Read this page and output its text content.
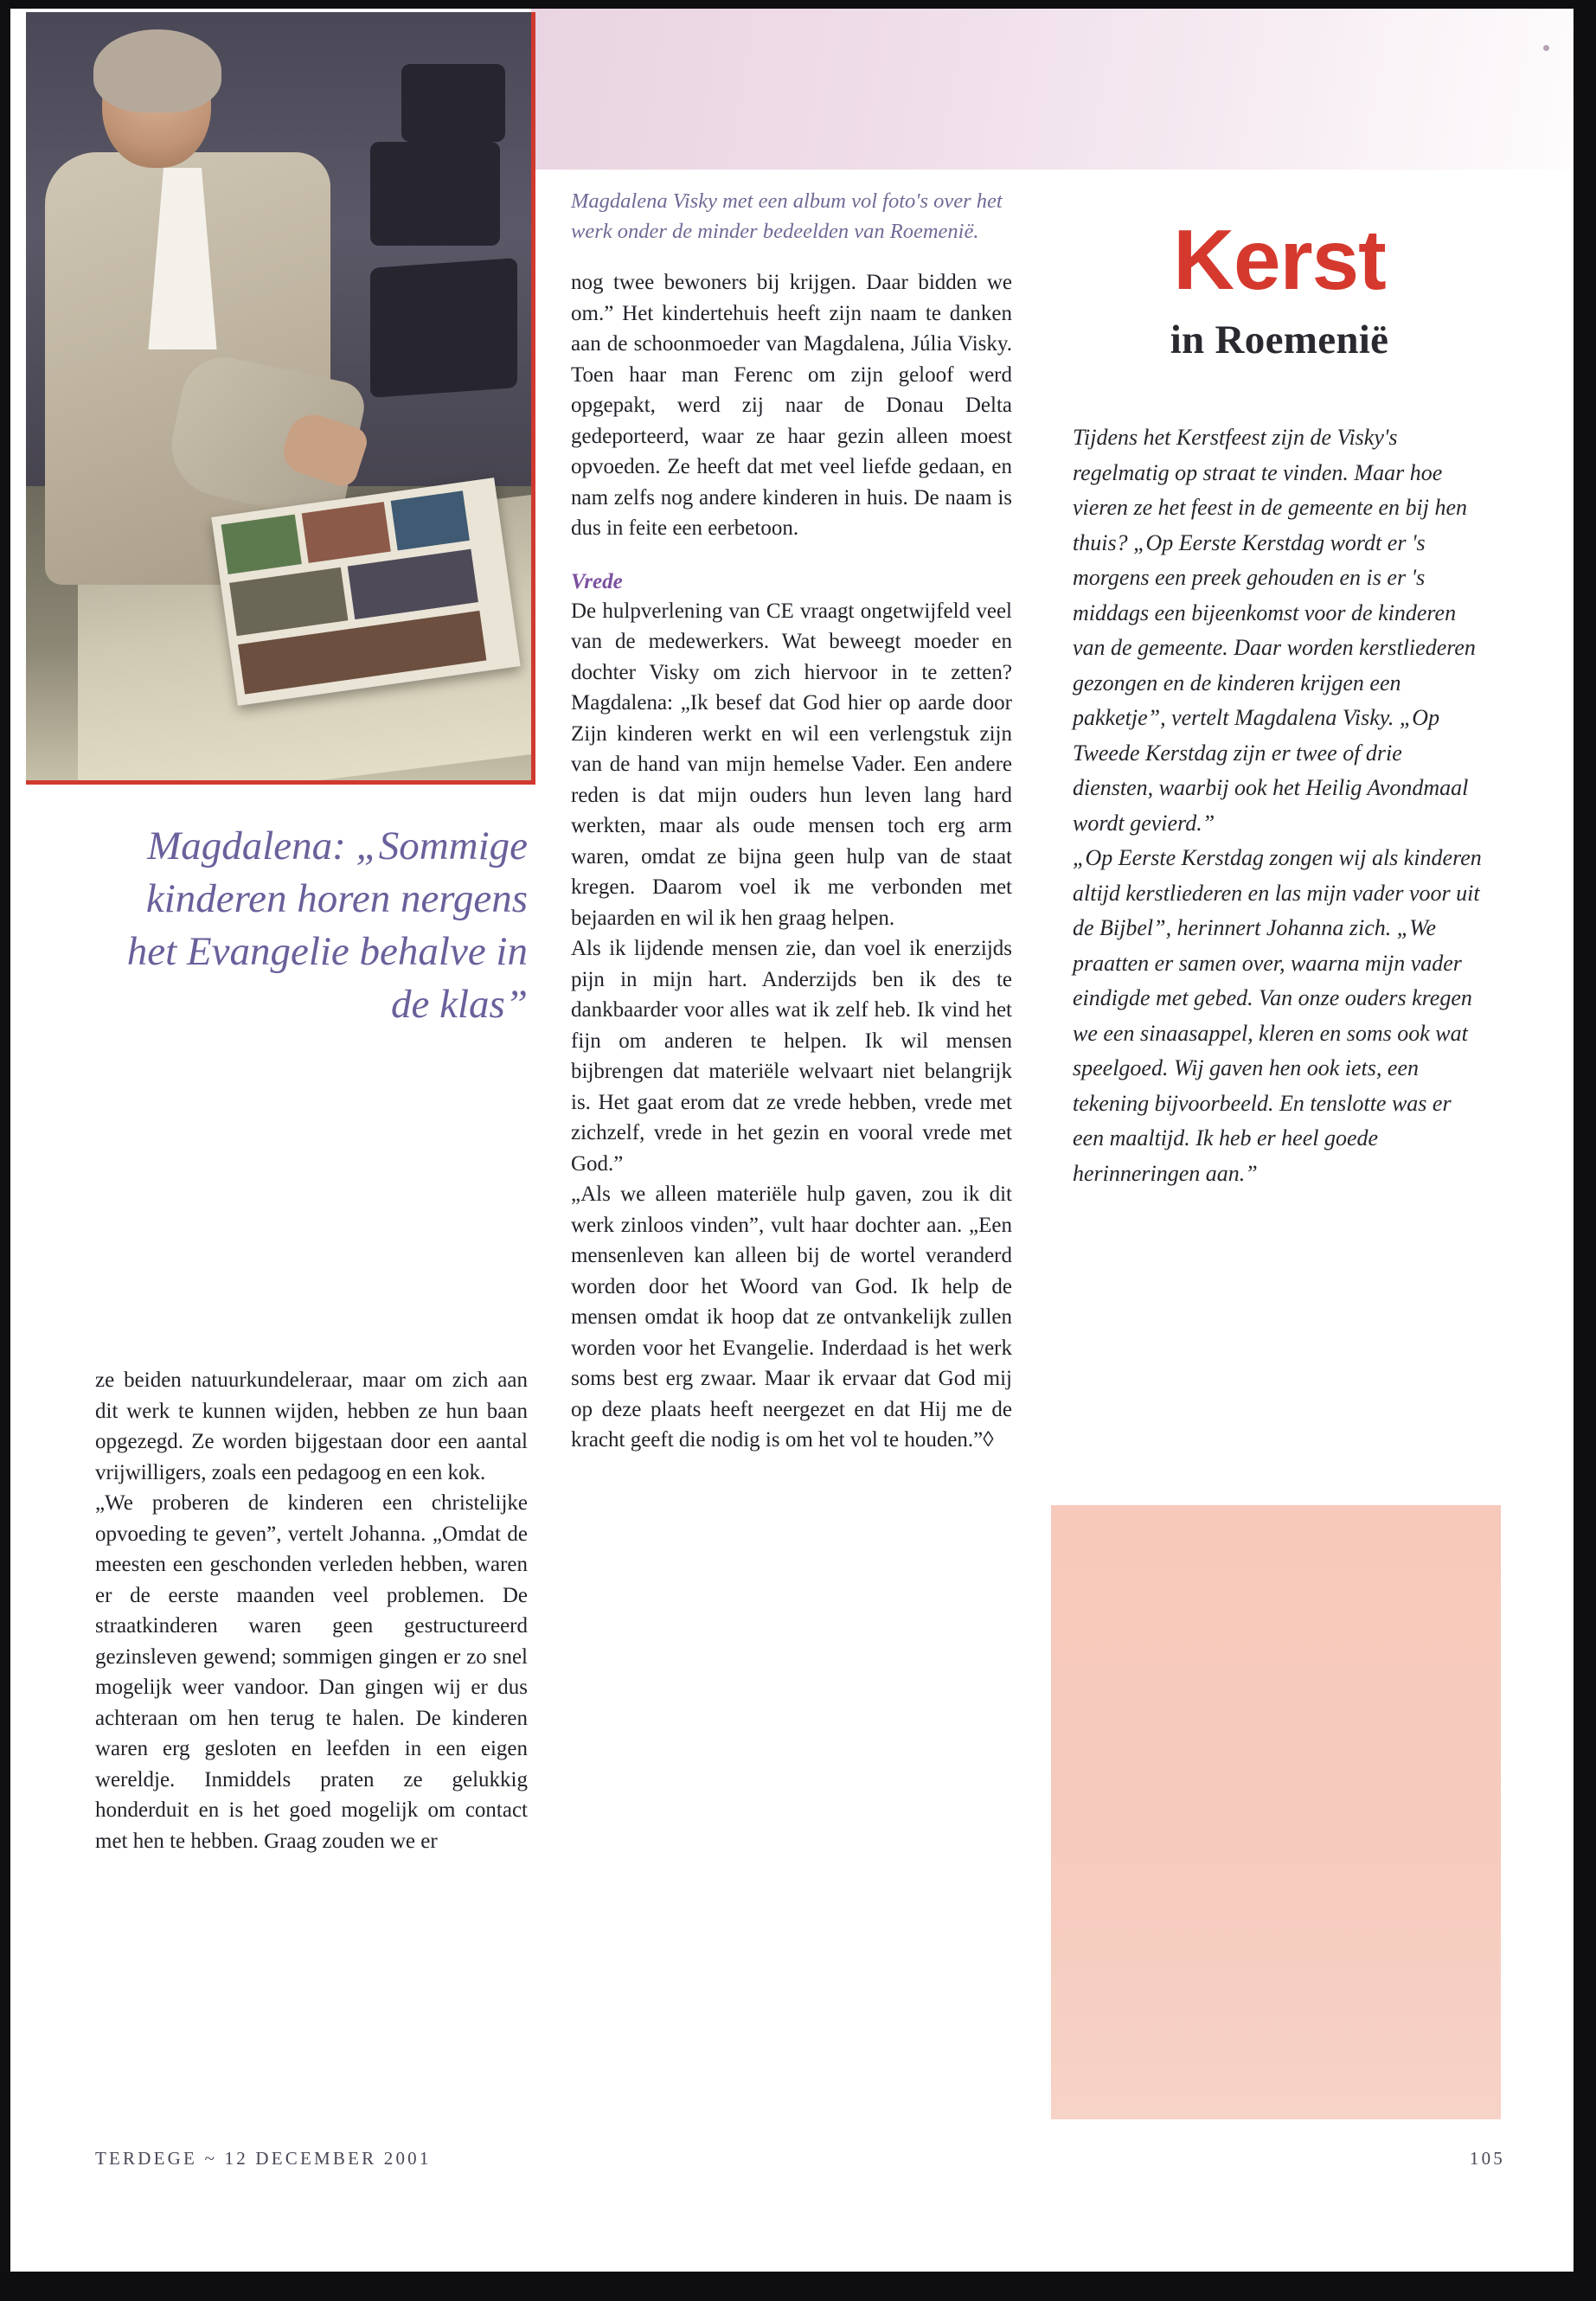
Magdalena: „Sommige kinderen horen nergens het Evangelie behalve in de klas”
ze beiden natuurkundeleraar, maar om zich aan dit werk te kunnen wijden, hebben ze hun baan opgezegd. Ze worden bijgestaan door een aantal vrijwilligers, zoals een pedagoog en een kok.
„We proberen de kinderen een christelijke opvoeding te geven”, vertelt Johanna. „Omdat de meesten een geschonden verleden hebben, waren er de eerste maanden veel problemen. De straatkinderen waren geen gestructureerd gezinsleven gewend; sommigen gingen er zo snel mogelijk weer vandoor. Dan gingen wij er dus achteraan om hen terug te halen. De kinderen waren erg gesloten en leefden in een eigen wereldje. Inmiddels praten ze gelukkig honderduit en is het goed mogelijk om contact met hen te hebben. Graag zouden we er
Magdalena Visky met een album vol foto's over het werk onder de minder bedeelden van Roemenië.
nog twee bewoners bij krijgen. Daar bidden we om.” Het kindertehuis heeft zijn naam te danken aan de schoonmoeder van Magdalena, Júlia Visky. Toen haar man Ferenc om zijn geloof werd opgepakt, werd zij naar de Donau Delta gedeporteerd, waar ze haar gezin alleen moest opvoeden. Ze heeft dat met veel liefde gedaan, en nam zelfs nog andere kinderen in huis. De naam is dus in feite een eerbetoon.
Vrede
De hulpverlening van CE vraagt ongetwijfeld veel van de medewerkers. Wat beweegt moeder en dochter Visky om zich hiervoor in te zetten? Magdalena: „Ik besef dat God hier op aarde door Zijn kinderen werkt en wil een verlengstuk zijn van de hand van mijn hemelse Vader. Een andere reden is dat mijn ouders hun leven lang hard werkten, maar als oude mensen toch erg arm waren, omdat ze bijna geen hulp van de staat kregen. Daarom voel ik me verbonden met bejaarden en wil ik hen graag helpen.
Als ik lijdende mensen zie, dan voel ik enerzijds pijn in mijn hart. Anderzijds ben ik des te dankbaarder voor alles wat ik zelf heb. Ik vind het fijn om anderen te helpen. Ik wil mensen bijbrengen dat materiële welvaart niet belangrijk is. Het gaat erom dat ze vrede hebben, vrede met zichzelf, vrede in het gezin en vooral vrede met God.”
„Als we alleen materiële hulp gaven, zou ik dit werk zinloos vinden”, vult haar dochter aan. „Een mensenleven kan alleen bij de wortel veranderd worden door het Woord van God. Ik help de mensen omdat ik hoop dat ze ontvankelijk zullen worden voor het Evangelie. Inderdaad is het werk soms best erg zwaar. Maar ik ervaar dat God mij op deze plaats heeft neergezet en dat Hij me de kracht geeft die nodig is om het vol te houden.”◊
Kerst
in Roemenië
Tijdens het Kerstfeest zijn de Visky's regelmatig op straat te vinden. Maar hoe vieren ze het feest in de gemeente en bij hen thuis? „Op Eerste Kerstdag wordt er 's morgens een preek gehouden en is er 's middags een bijeenkomst voor de kinderen van de gemeente. Daar worden kerstliederen gezongen en de kinderen krijgen een pakketje”, vertelt Magdalena Visky. „Op Tweede Kerstdag zijn er twee of drie diensten, waarbij ook het Heilig Avondmaal wordt gevierd.”
„Op Eerste Kerstdag zongen wij als kinderen altijd kerstliederen en las mijn vader voor uit de Bijbel”, herinnert Johanna zich. „We praatten er samen over, waarna mijn vader eindigde met gebed. Van onze ouders kregen we een sinaasappel, kleren en soms ook wat speelgoed. Wij gaven hen ook iets, een tekening bijvoorbeeld. En tenslotte was er een maaltijd. Ik heb er heel goede herinneringen aan.”
TERDEGE ~ 12 DECEMBER 2001	105
